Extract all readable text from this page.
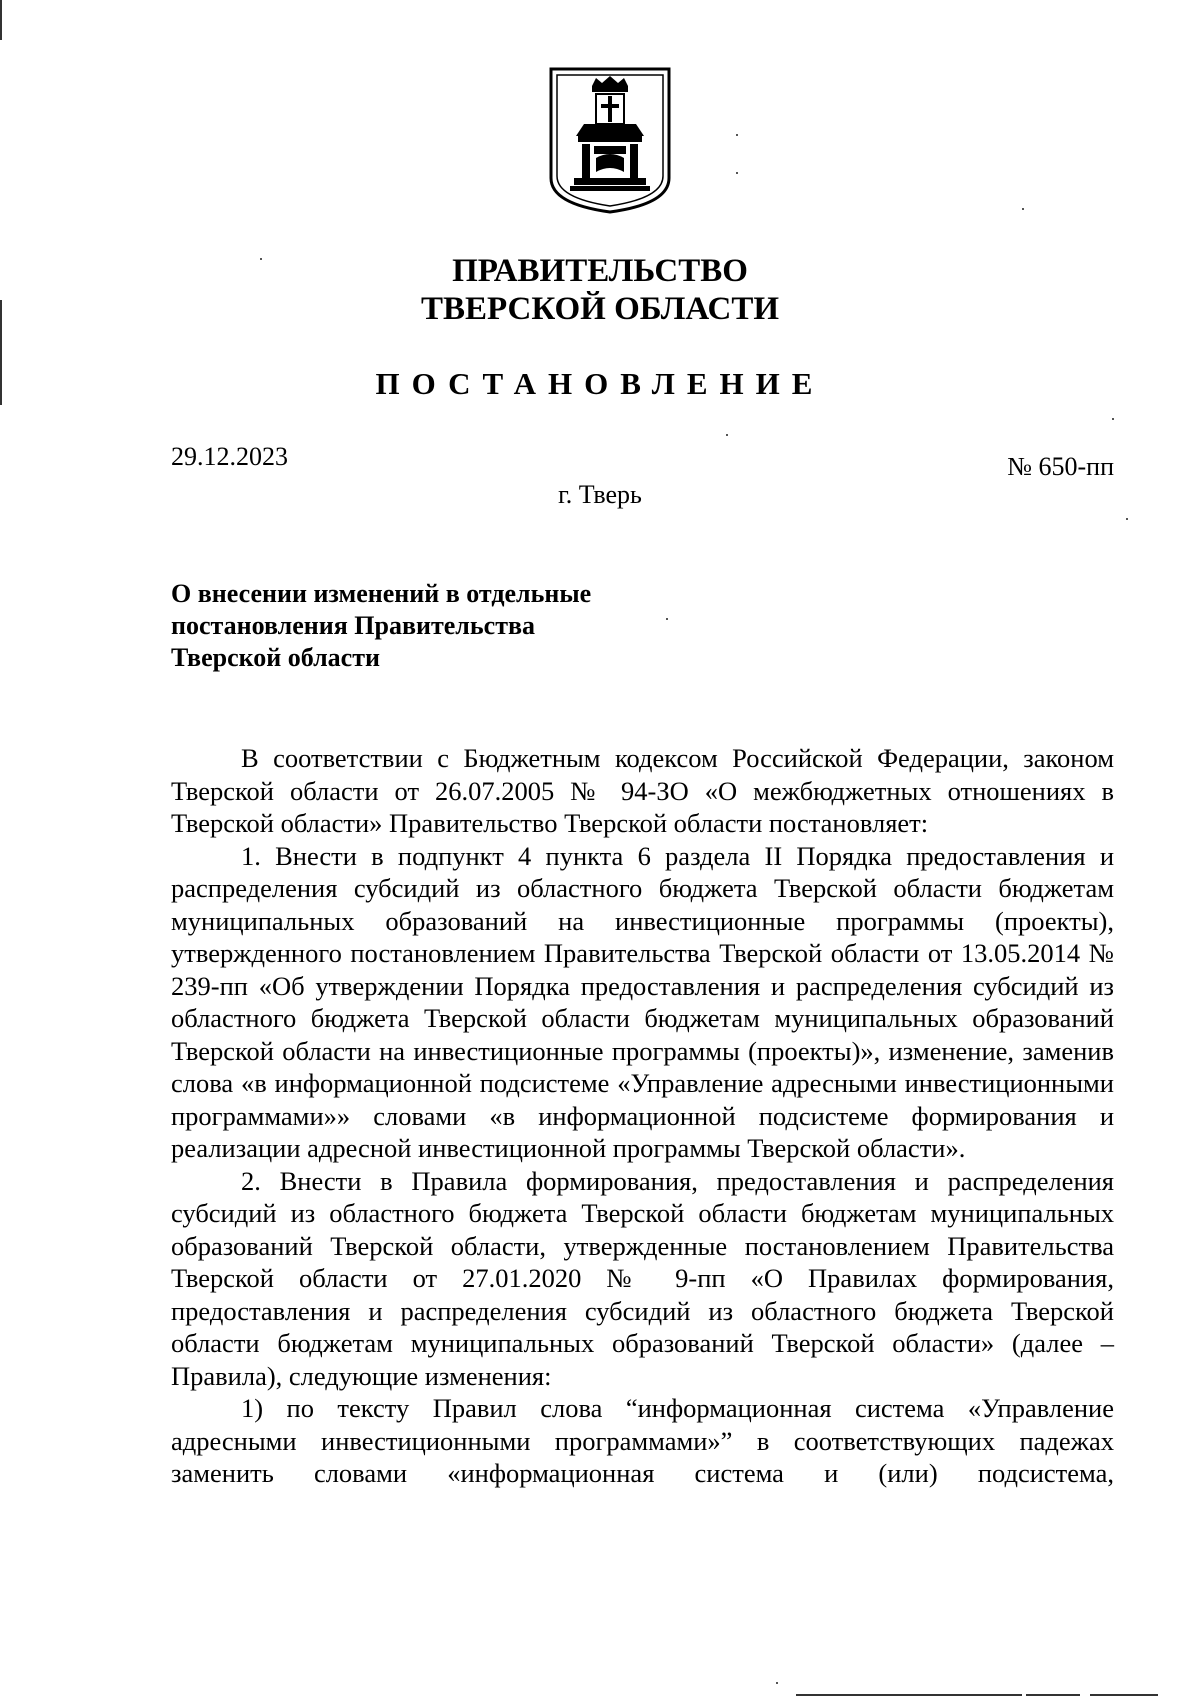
ПРАВИТЕЛЬСТВО
ТВЕРСКОЙ ОБЛАСТИ
ПОСТАНОВЛЕНИЕ
29.12.2023	№ 650-пп
г. Тверь
О внесении изменений в отдельные
постановления Правительства
Тверской области

В соответствии с Бюджетным кодексом Российской Федерации, законом Тверской области от 26.07.2005 № 94-ЗО «О межбюджетных отношениях в Тверской области» Правительство Тверской области постановляет:

1. Внести в подпункт 4 пункта 6 раздела II Порядка предоставления и распределения субсидий из областного бюджета Тверской области бюджетам муниципальных образований на инвестиционные программы (проекты), утвержденного постановлением Правительства Тверской области от 13.05.2014 № 239-пп «Об утверждении Порядка предоставления и распределения субсидий из областного бюджета Тверской области бюджетам муниципальных образований Тверской области на инвестиционные программы (проекты)», изменение, заменив слова «в информационной подсистеме «Управление адресными инвестиционными программами»» словами «в информационной подсистеме формирования и реализации адресной инвестиционной программы Тверской области».

2. Внести в Правила формирования, предоставления и распределения субсидий из областного бюджета Тверской области бюджетам муниципальных образований Тверской области, утвержденные постановлением Правительства Тверской области от 27.01.2020 № 9-пп «О Правилах формирования, предоставления и распределения субсидий из областного бюджета Тверской области бюджетам муниципальных образований Тверской области» (далее – Правила), следующие изменения:

1) по тексту Правил слова “информационная система «Управление адресными инвестиционными программами»” в соответствующих падежах заменить словами «информационная система и (или) подсистема,
